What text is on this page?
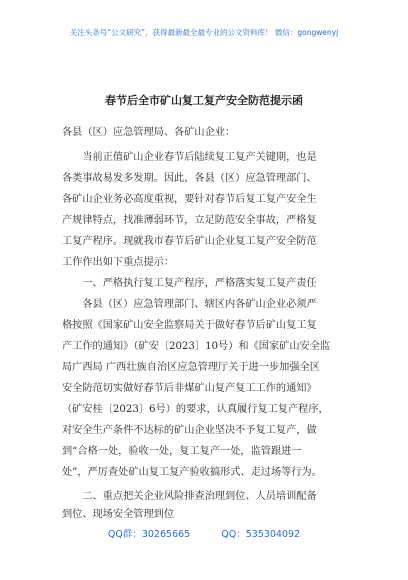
关注头条号“公文研究”，获得最新最全最专业的公文资料库！ 微信：gongwenyj
春节后全市矿山复工复产安全防范提示函
各县（区）应急管理局、各矿山企业：
　　当前正值矿山企业春节后陆续复工复产关键期，也是
各类事故易发多发期。因此，各县（区）应急管理部门、
各矿山企业务必高度重视，要针对春节后复工复产安全生
产规律特点，找准薄弱环节，立足防范安全事故，严格复
工复产程序。现就我市春节后矿山企业复工复产安全防范
工作作出如下重点提示：
　　一、严格执行复工复产程序，严格落实复工复产责任
　　各县（区）应急管理部门、辖区内各矿山企业必须严
格按照《国家矿山安全监察局关于做好春节后矿山复工复
产工作的通知》（矿安〔2023〕10号）和《国家矿山安全监
局广西局 广西壮族自治区应急管理厅关于进一步加强全区
安全防范切实做好春节后非煤矿山复产复工工作的通知》
（矿安桂〔2023〕6号）的要求，认真履行复工复产程序，
对安全生产条件不达标的矿山企业坚决不予复工复产，做
到“合格一处，验收一处，复工复产一处，监管跟进一
处”，严厉查处矿山复工复产验收搞形式、走过场等行为。
　　二、重点把关企业风险排查治理到位、人员培训配备
到位、现场安全管理到位
QQ群：30265665	QQ：535304092
